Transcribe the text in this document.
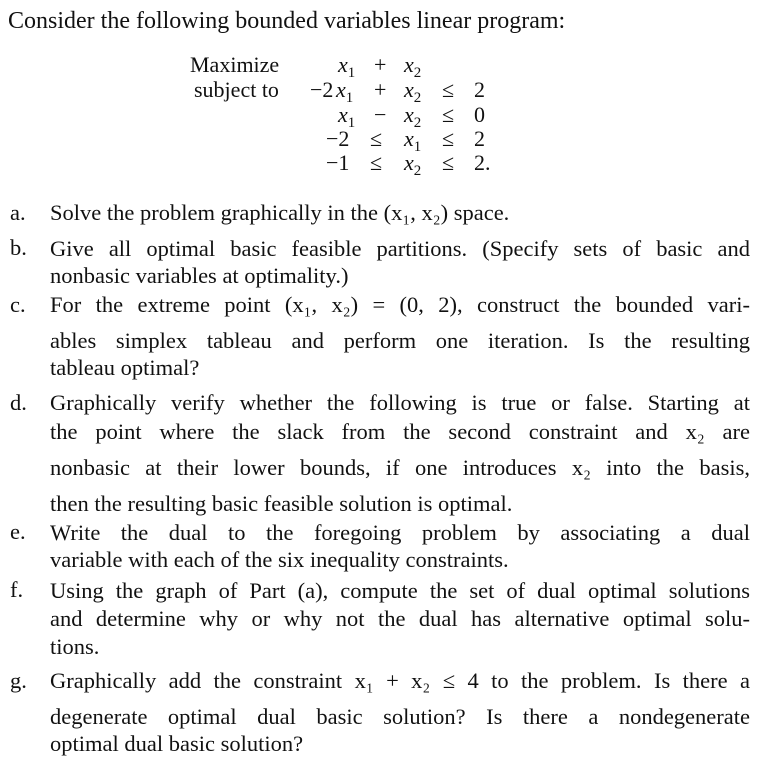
Consider the following bounded variables linear program:
Maximize	$x_1 + x_2$
subject to −2 $x_1 + x_2 \le 2$
$x_1 - x_2 \le 0$
$-2 \le x_1 \le 2$
$-1 \le x_2 \le 2$.
a. Solve the problem graphically in the (x₁, x₂) space.
b. Give all optimal basic feasible partitions. (Specify sets of basic and
nonbasic variables at optimality.)
c. For the extreme point (x₁, x₂) = (0, 2), construct the bounded vari-
ables simplex tableau and perform one iteration. Is the resulting
tableau optimal?
d. Graphically verify whether the following is true or false. Starting at
the point where the slack from the second constraint and x₂ are
nonbasic at their lower bounds, if one introduces x₂ into the basis,
then the resulting basic feasible solution is optimal.
e. Write the dual to the foregoing problem by associating a dual
variable with each of the six inequality constraints.
f. Using the graph of Part (a), compute the set of dual optimal solutions
and determine why or why not the dual has alternative optimal solu-
tions.
g. Graphically add the constraint x₁ + x₂ ≤ 4 to the problem. Is there a
degenerate optimal dual basic solution? Is there a nondegenerate
optimal dual basic solution?
